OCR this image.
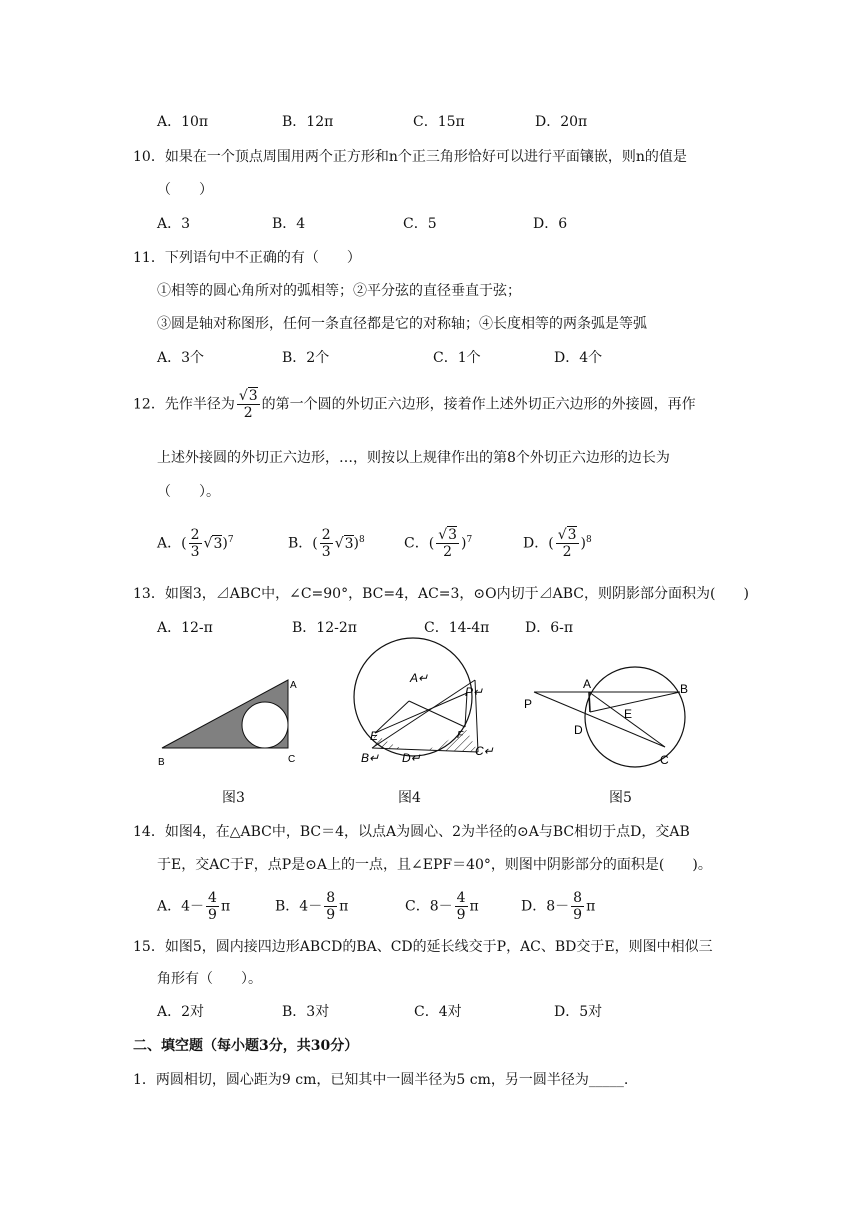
A．10π	B．12π	C．15π	D．20π
10．如果在一个顶点周围用两个正方形和n个正三角形恰好可以进行平面镶嵌，则n的值是
（　　）
A．3	B．4	C．5	D．6
11．下列语句中不正确的有（　　）
①相等的圆心角所对的弧相等；②平分弦的直径垂直于弦；
③圆是轴对称图形，任何一条直径都是它的对称轴；④长度相等的两条弧是等弧
A．3个	B．2个	C．1个	D．4个
12．先作半径为 $\frac{√3}{2}$ 的第一个圆的外切正六边形，接着作上述外切正六边形的外接圆，再作
上述外接圆的外切正六边形，…，则按以上规律作出的第8个外切正六边形的边长为
（　　）。
A．( $\frac{2}{3} √3)^7$	B．( $\frac{2}{3} √3)^8$	C．( $\frac{√3}{2} )^7$	D．( $\frac{√3}{2} )^8$
13．如图3，⊿ABC中，∠C=90°，BC=4，AC=3，⊙O内切于⊿ABC，则阴影部分面积为(　　)
A．12-π	B．12-2π	C．14-4π	D．6-π
A
B	C
A↵
P↵
E	F
B↵ D↵	C↵
A	B
P
E
D
C
图3	图4	图5
14．如图4，在△ABC中，BC＝4，以点A为圆心、2为半径的⊙A与BC相切于点D，交AB
于E，交AC于F，点P是⊙A上的一点，且∠EPF＝40°，则图中阴影部分的面积是(　　)。
A．$4- \frac{4}{9}$ π	B．$4- \frac{8}{9}$ π	C．$8- \frac{4}{9}$ π	D．$8- \frac{8}{9}$ π
15．如图5，圆内接四边形ABCD的BA、CD的延长线交于P，AC、BD交于E，则图中相似三
角形有（　　）。
A．2对	B．3对	C．4对	D．5对
二、填空题（每小题3分，共30分）
1．两圆相切，圆心距为9 cm，已知其中一圆半径为5 cm，另一圆半径为_____.
